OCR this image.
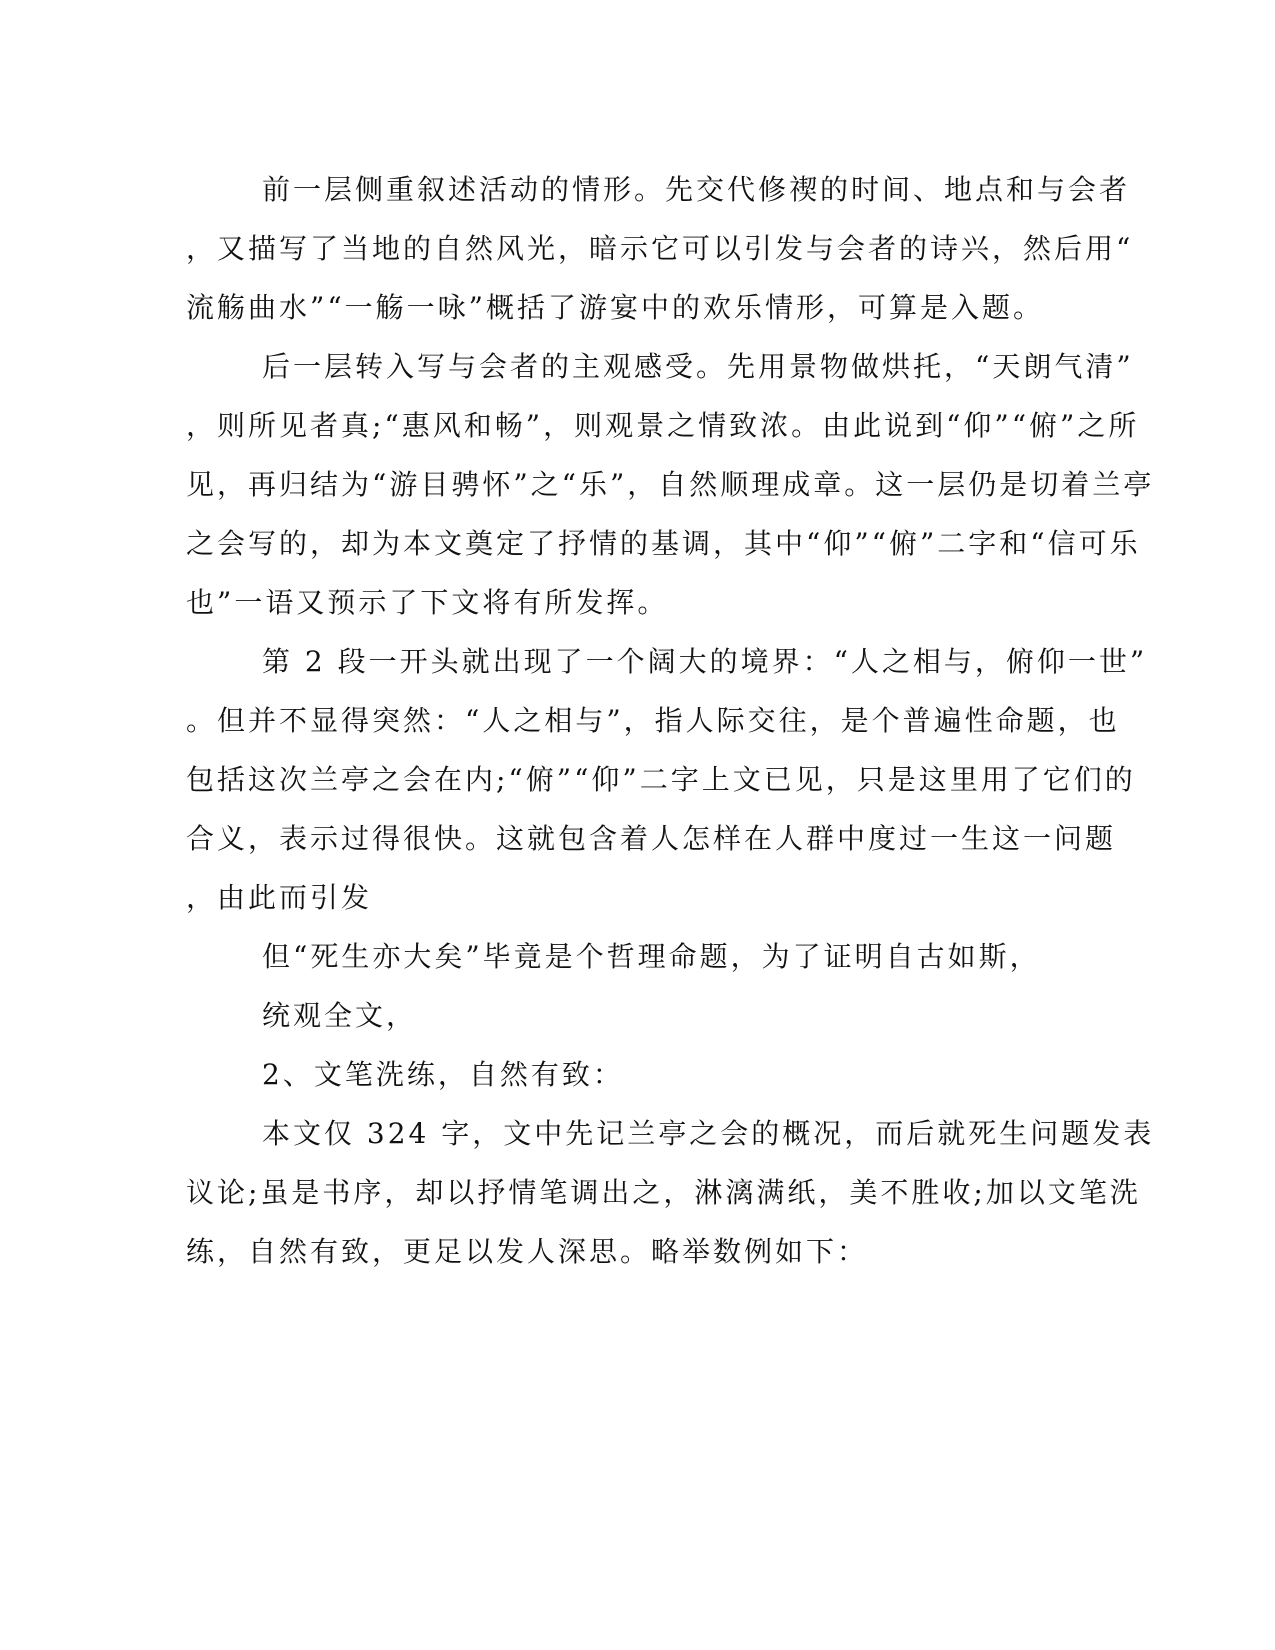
前一层侧重叙述活动的情形。先交代修禊的时间、地点和与会者
，又描写了当地的自然风光，暗示它可以引发与会者的诗兴，然后用“
流觞曲水”“一觞一咏”概括了游宴中的欢乐情形，可算是入题。

后一层转入写与会者的主观感受。先用景物做烘托，“天朗气清”
，则所见者真;“惠风和畅”，则观景之情致浓。由此说到“仰”“俯”之所
见，再归结为“游目骋怀”之“乐”，自然顺理成章。这一层仍是切着兰亭
之会写的，却为本文奠定了抒情的基调，其中“仰”“俯”二字和“信可乐
也”一语又预示了下文将有所发挥。

第 2 段一开头就出现了一个阔大的境界：“人之相与，俯仰一世”
。但并不显得突然：“人之相与”，指人际交往，是个普遍性命题，也
包括这次兰亭之会在内;“俯”“仰”二字上文已见，只是这里用了它们的
合义，表示过得很快。这就包含着人怎样在人群中度过一生这一问题
，由此而引发

但“死生亦大矣”毕竟是个哲理命题，为了证明自古如斯，

统观全文，

2、文笔洗练，自然有致：

本文仅 324 字，文中先记兰亭之会的概况，而后就死生问题发表
议论;虽是书序，却以抒情笔调出之，淋漓满纸，美不胜收;加以文笔洗
练，自然有致，更足以发人深思。略举数例如下：
